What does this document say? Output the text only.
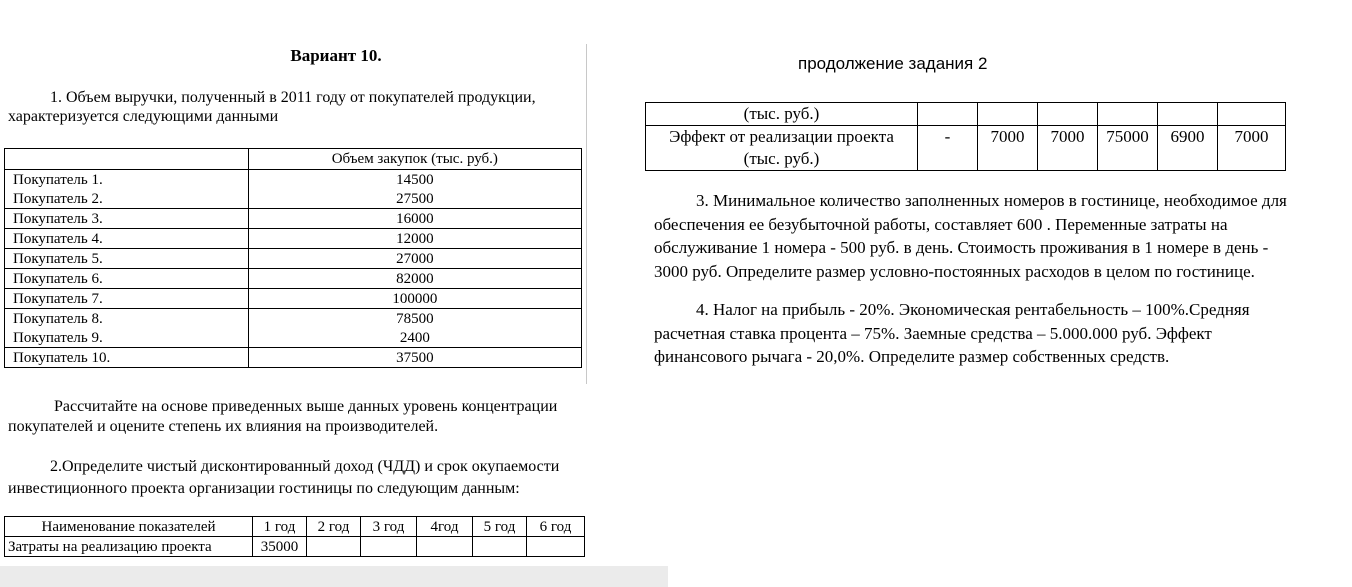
Вариант 10.
1. Объем выручки, полученный в 2011 году от покупателей продукции,
характеризуется следующими данными
	Объем закупок (тыс. руб.)
Покупатель 1.	14500
Покупатель 2.	27500
Покупатель 3.	16000
Покупатель 4.	12000
Покупатель 5.	27000
Покупатель 6.	82000
Покупатель 7.	100000
Покупатель 8.	78500
Покупатель 9.	2400
Покупатель 10.	37500
Рассчитайте на основе приведенных выше данных уровень концентрации
покупателей и оцените степень их влияния на производителей.
2.Определите чистый дисконтированный доход (ЧДД) и срок окупаемости
инвестиционного проекта организации гостиницы по следующим данным:
Наименование показателей	1 год	2 год	3 год	4год	5 год	6 год
Затраты на реализацию проекта	35000					
продолжение задания 2
(тыс. руб.)						

Эффект от реализации проекта
(тыс. руб.)	-	7000	7000	75000	6900	7000
3. Минимальное количество заполненных номеров в гостинице, необходимое для
обеспечения ее безубыточной работы, составляет 600 . Переменные затраты на
обслуживание 1 номера - 500 руб. в день. Стоимость проживания в 1 номере в день -
3000 руб. Определите размер условно-постоянных расходов в целом по гостинице.
4. Налог на прибыль - 20%. Экономическая рентабельность – 100%.Средняя
расчетная ставка процента – 75%. Заемные средства – 5.000.000 руб. Эффект
финансового рычага - 20,0%. Определите размер собственных средств.
